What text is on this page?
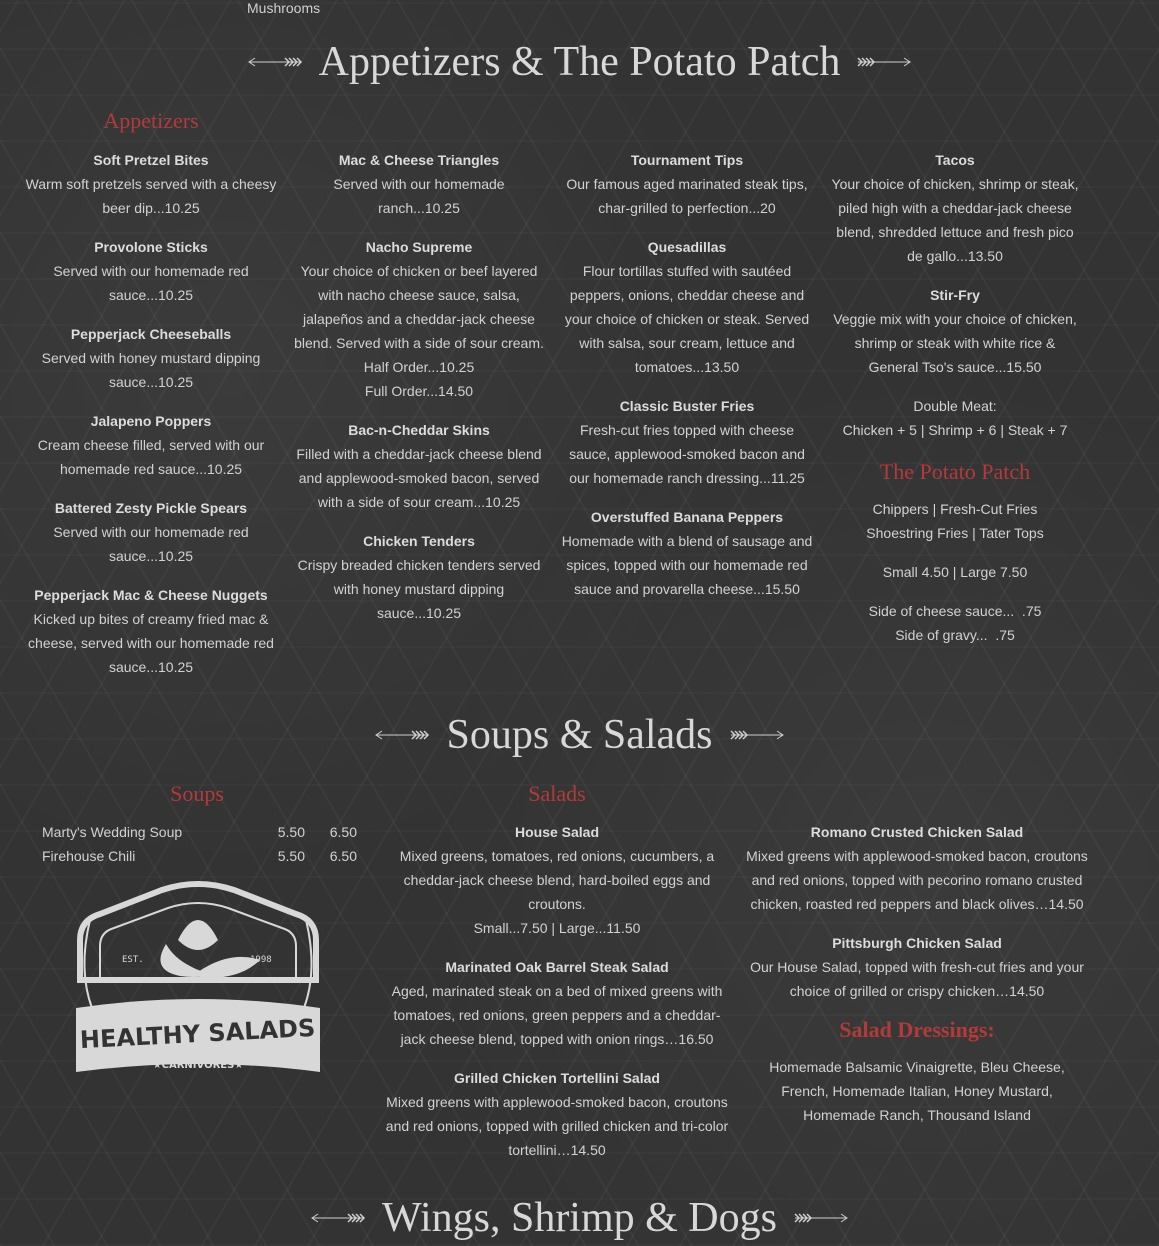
Mushrooms
Appetizers & The Potato Patch
Appetizers
Soft Pretzel Bites
Warm soft pretzels served with a cheesy
beer dip...10.25
Provolone Sticks
Served with our homemade red
sauce...10.25
Pepperjack Cheeseballs
Served with honey mustard dipping
sauce...10.25
Jalapeno Poppers
Cream cheese filled, served with our
homemade red sauce...10.25
Battered Zesty Pickle Spears
Served with our homemade red
sauce...10.25
Pepperjack Mac & Cheese Nuggets
Kicked up bites of creamy fried mac &
cheese, served with our homemade red
sauce...10.25
Mac & Cheese Triangles
Served with our homemade
ranch...10.25
Nacho Supreme
Your choice of chicken or beef layered
with nacho cheese sauce, salsa,
jalapeños and a cheddar-jack cheese
blend. Served with a side of sour cream.
Half Order...10.25
Full Order...14.50
Bac-n-Cheddar Skins
Filled with a cheddar-jack cheese blend
and applewood-smoked bacon, served
with a side of sour cream...10.25
Chicken Tenders
Crispy breaded chicken tenders served
with honey mustard dipping
sauce...10.25
Tournament Tips
Our famous aged marinated steak tips,
char-grilled to perfection...20
Quesadillas
Flour tortillas stuffed with sautéed
peppers, onions, cheddar cheese and
your choice of chicken or steak. Served
with salsa, sour cream, lettuce and
tomatoes...13.50
Classic Buster Fries
Fresh-cut fries topped with cheese
sauce, applewood-smoked bacon and
our homemade ranch dressing...11.25
Overstuffed Banana Peppers
Homemade with a blend of sausage and
spices, topped with our homemade red
sauce and provarella cheese...15.50
Tacos
Your choice of chicken, shrimp or steak,
piled high with a cheddar-jack cheese
blend, shredded lettuce and fresh pico
de gallo...13.50
Stir-Fry
Veggie mix with your choice of chicken,
shrimp or steak with white rice &
General Tso's sauce...15.50
Double Meat:
Chicken + 5 | Shrimp + 6 | Steak + 7
The Potato Patch
Chippers | Fresh-Cut Fries
Shoestring Fries | Tater Tops
Small 4.50 | Large 7.50
Side of cheese sauce...  .75
Side of gravy...  .75
Soups & Salads
Soups	Salads
Marty's Wedding Soup	5.50	6.50
Firehouse Chili	5.50	6.50
EST.	1998
HEALTHY SALADS
★CARNIVORES★
House Salad
Mixed greens, tomatoes, red onions, cucumbers, a
cheddar-jack cheese blend, hard-boiled eggs and
croutons.
Small...7.50 | Large...11.50
Marinated Oak Barrel Steak Salad
Aged, marinated steak on a bed of mixed greens with
tomatoes, red onions, green peppers and a cheddar-
jack cheese blend, topped with onion rings…16.50
Grilled Chicken Tortellini Salad
Mixed greens with applewood-smoked bacon, croutons
and red onions, topped with grilled chicken and tri-color
tortellini…14.50
Romano Crusted Chicken Salad
Mixed greens with applewood-smoked bacon, croutons
and red onions, topped with pecorino romano crusted
chicken, roasted red peppers and black olives…14.50
Pittsburgh Chicken Salad
Our House Salad, topped with fresh-cut fries and your
choice of grilled or crispy chicken…14.50
Salad Dressings:
Homemade Balsamic Vinaigrette, Bleu Cheese,
French, Homemade Italian, Honey Mustard,
Homemade Ranch, Thousand Island
Wings, Shrimp & Dogs
